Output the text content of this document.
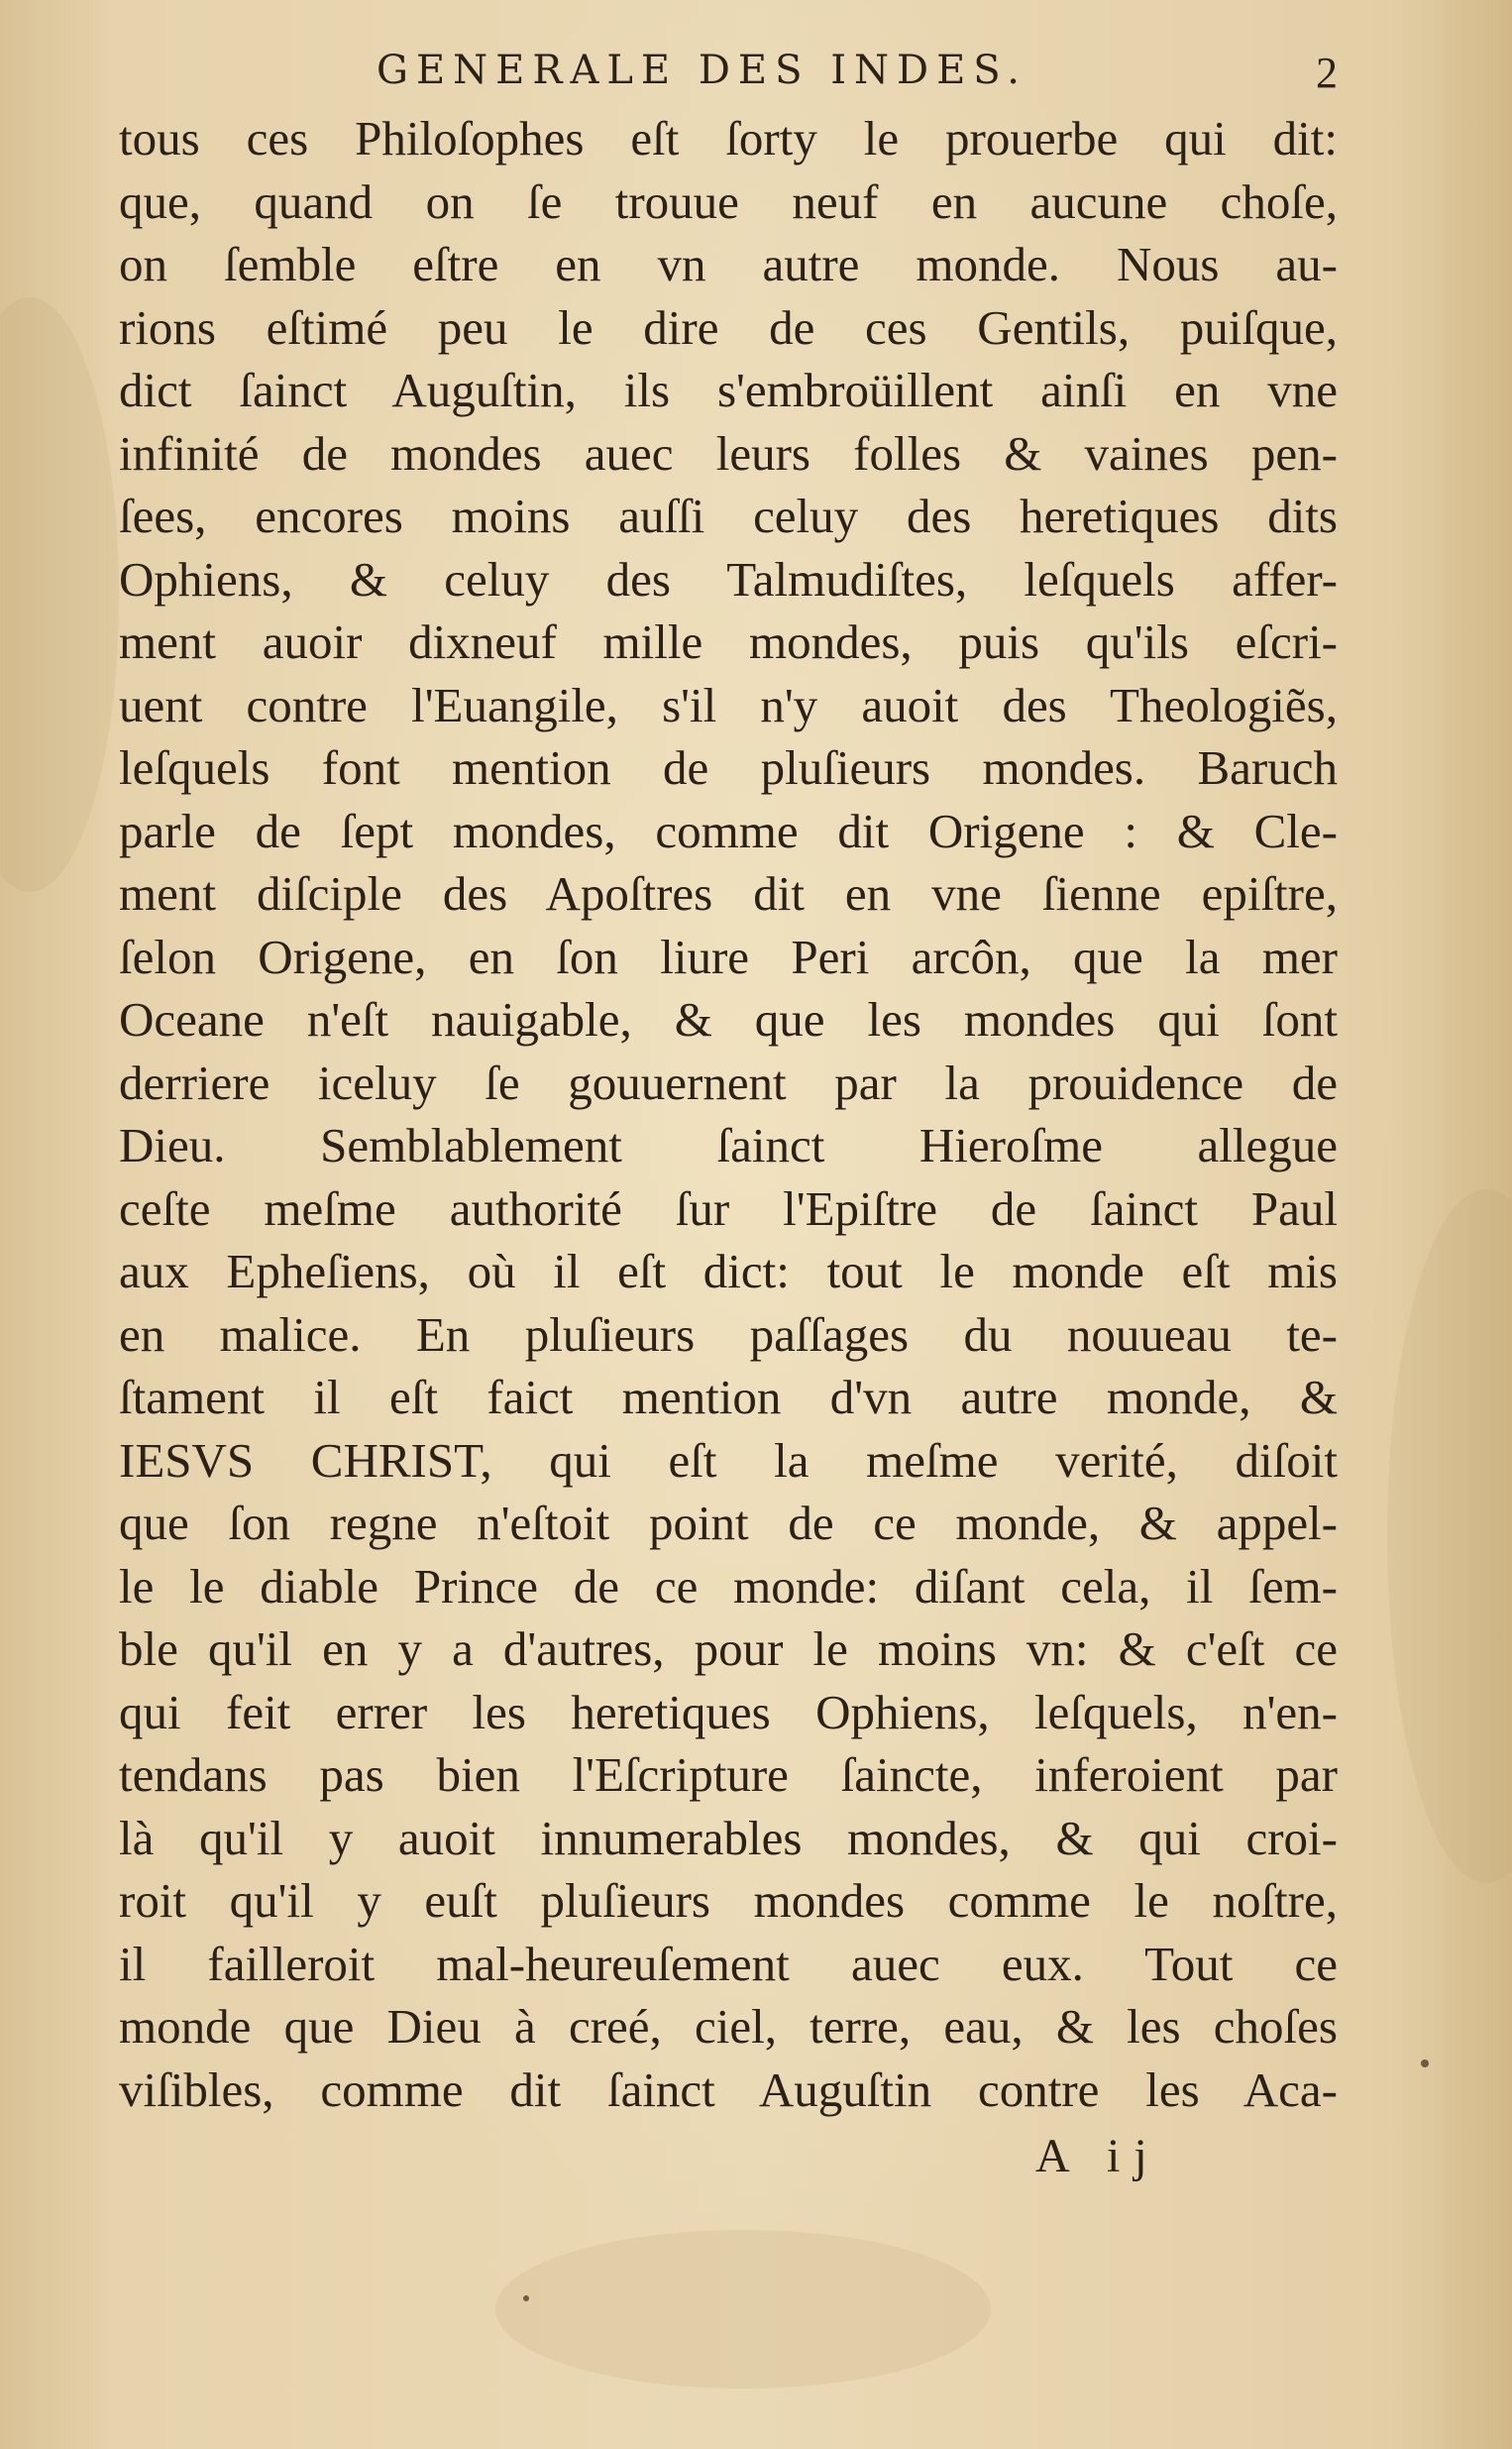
GENERALE DES INDES.	2
tous ces Philoſophes eſt ſorty le prouerbe qui dit:
que, quand on ſe trouue neuf en aucune choſe,
on ſemble eſtre en vn autre monde. Nous au-
rions eſtimé peu le dire de ces Gentils, puiſque,
dict ſainct Auguſtin, ils s'embroüillent ainſi en vne
infinité de mondes auec leurs folles & vaines pen-
ſees, encores moins auſſi celuy des heretiques dits
Ophiens, & celuy des Talmudiſtes, leſquels affer-
ment auoir dixneuf mille mondes, puis qu'ils eſcri-
uent contre l'Euangile, s'il n'y auoit des Theologiẽs,
leſquels font mention de pluſieurs mondes. Baruch
parle de ſept mondes, comme dit Origene : & Cle-
ment diſciple des Apoſtres dit en vne ſienne epiſtre,
ſelon Origene, en ſon liure Peri arcôn, que la mer
Oceane n'eſt nauigable, & que les mondes qui ſont
derriere iceluy ſe gouuernent par la prouidence de
Dieu. Semblablement ſainct Hieroſme allegue
ceſte meſme authorité ſur l'Epiſtre de ſainct Paul
aux Epheſiens, où il eſt dict: tout le monde eſt mis
en malice. En pluſieurs paſſages du nouueau te-
ſtament il eſt faict mention d'vn autre monde, &
IESVS CHRIST, qui eſt la meſme verité, diſoit
que ſon regne n'eſtoit point de ce monde, & appel-
le le diable Prince de ce monde: diſant cela, il ſem-
ble qu'il en y a d'autres, pour le moins vn: & c'eſt ce
qui feit errer les heretiques Ophiens, leſquels, n'en-
tendans pas bien l'Eſcripture ſaincte, inferoient par
là qu'il y auoit innumerables mondes, & qui croi-
roit qu'il y euſt pluſieurs mondes comme le noſtre,
il failleroit mal-heureuſement auec eux. Tout ce
monde que Dieu à creé, ciel, terre, eau, & les choſes
viſibles, comme dit ſainct Auguſtin contre les Aca-
A ij
